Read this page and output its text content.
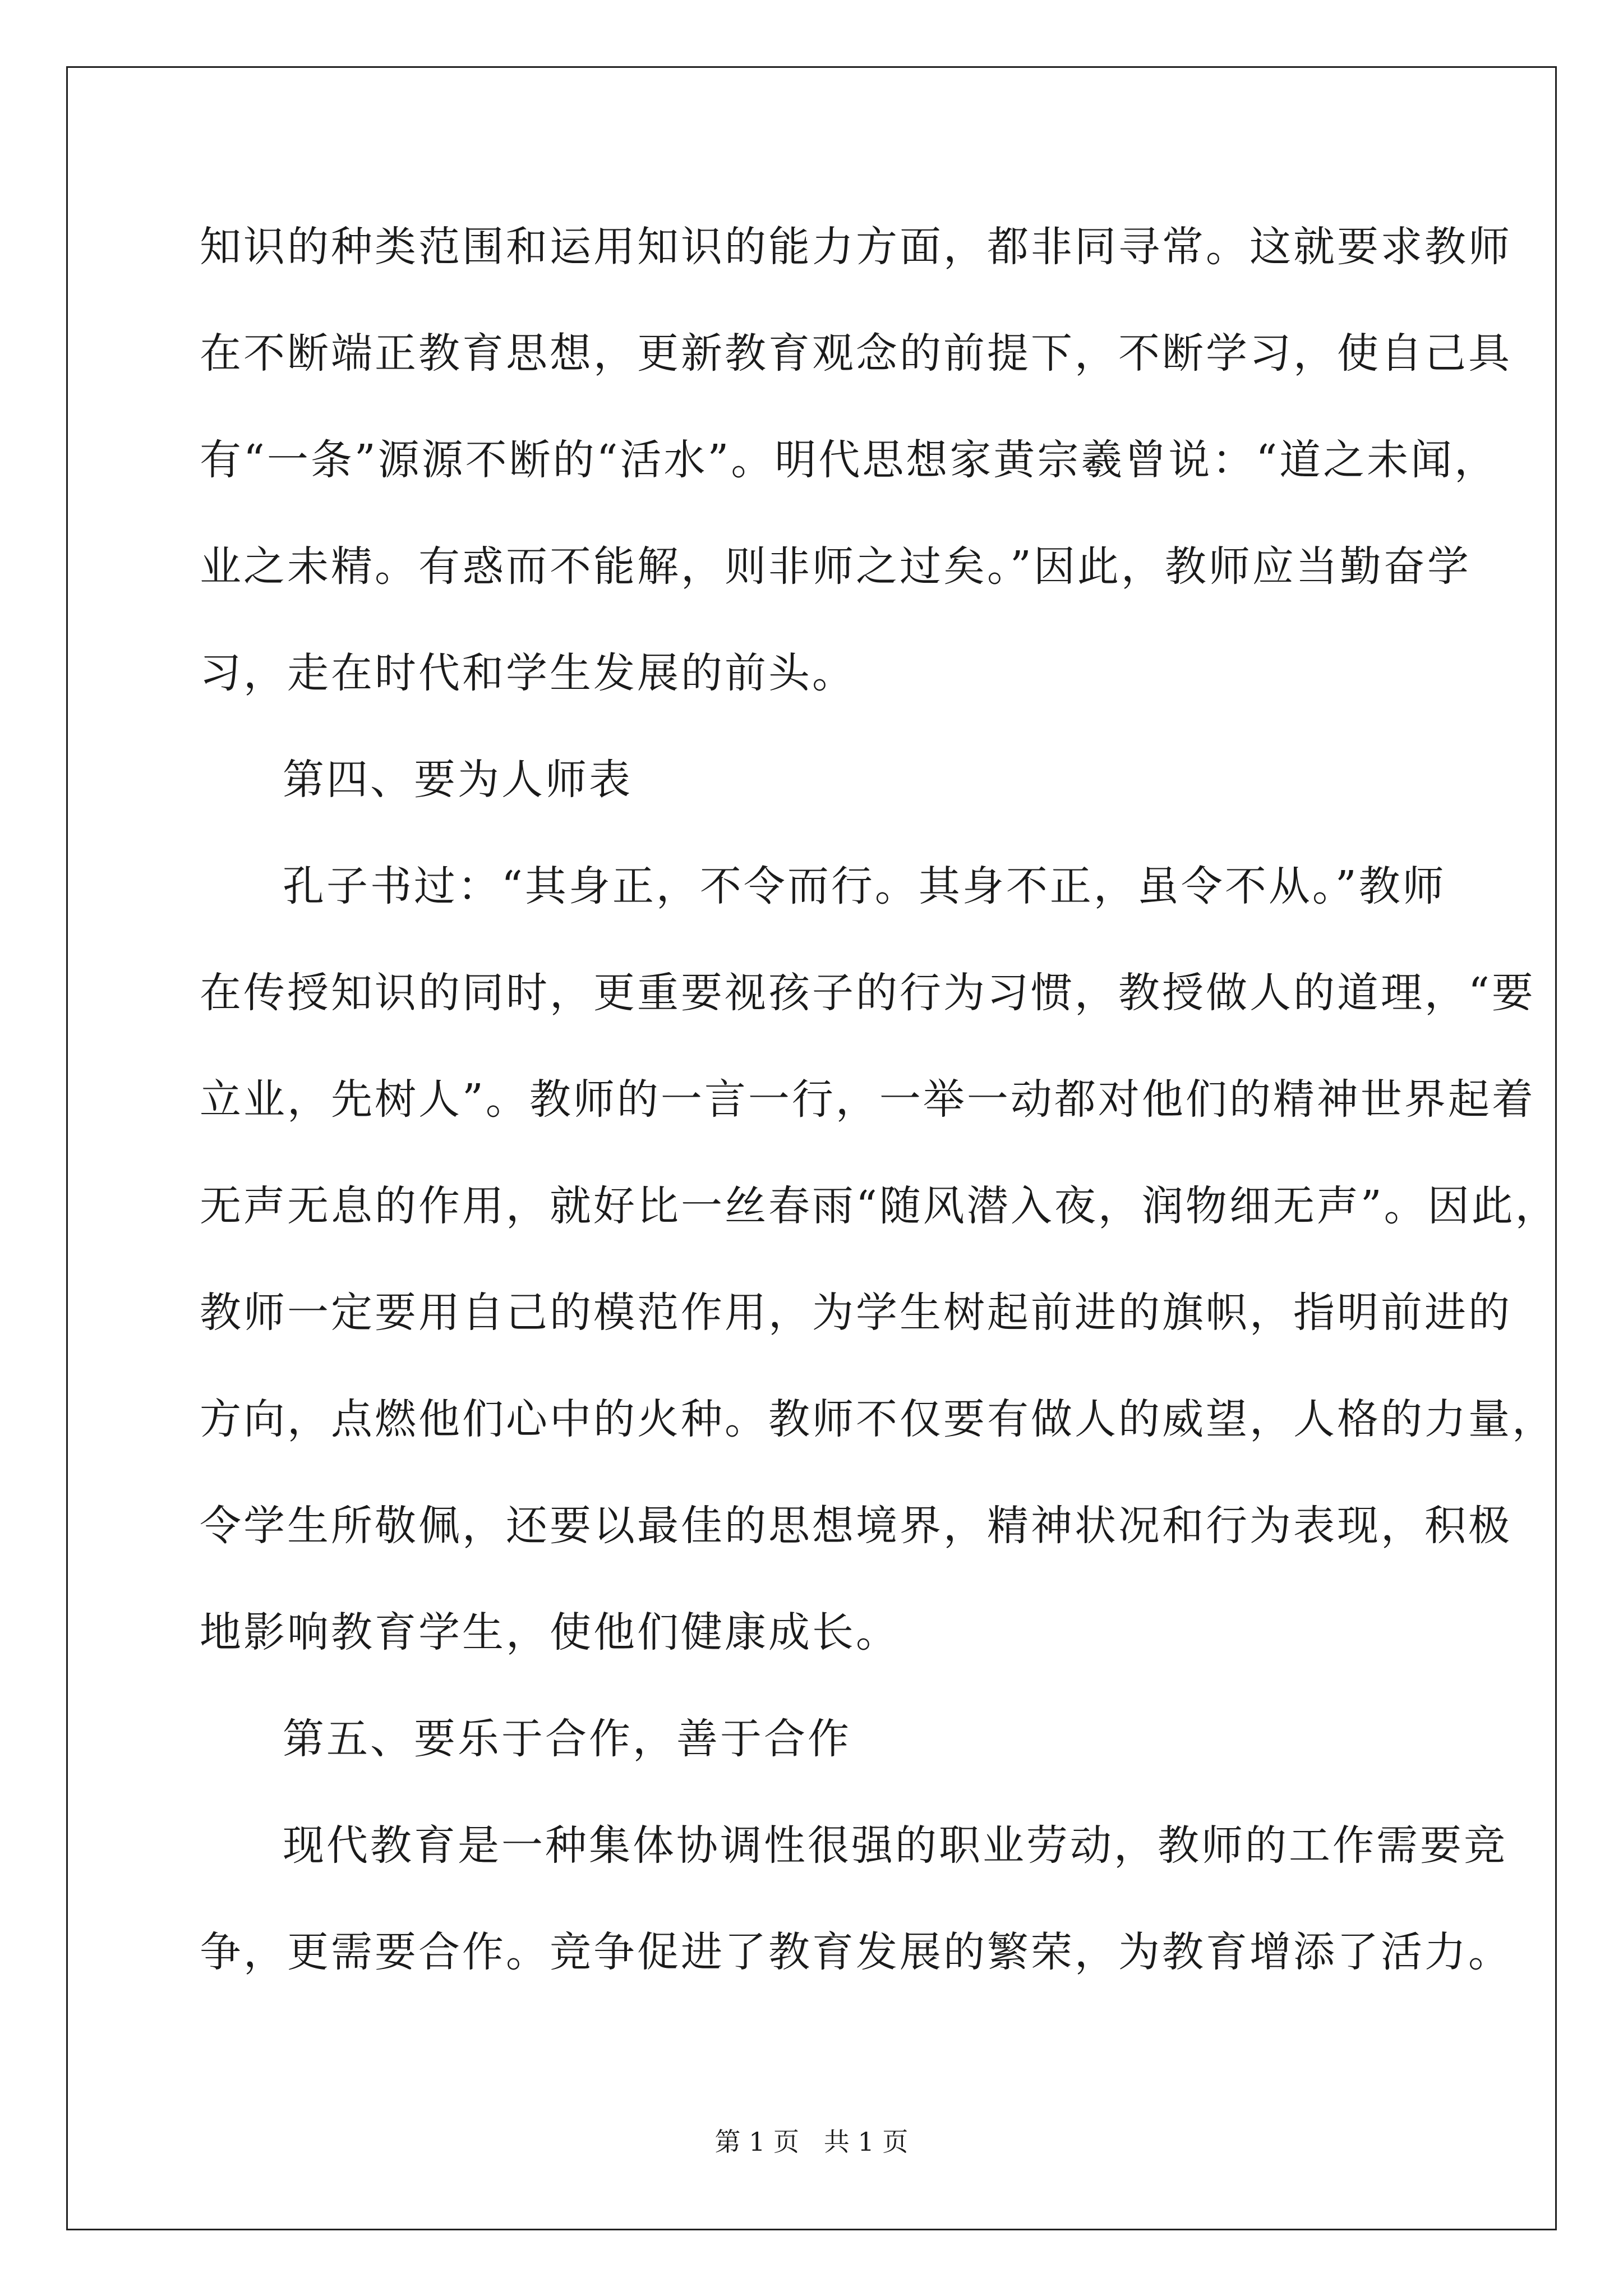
知识的种类范围和运用知识的能力方面，都非同寻常。这就要求教师
在不断端正教育思想，更新教育观念的前提下，不断学习，使自己具
有“一条”源源不断的“活水”。明代思想家黄宗羲曾说：“道之未闻，
业之未精。有惑而不能解，则非师之过矣。”因此，教师应当勤奋学
习，走在时代和学生发展的前头。
第四、要为人师表
孔子书过：“其身正，不令而行。其身不正，虽令不从。”教师
在传授知识的同时，更重要视孩子的行为习惯，教授做人的道理，“要
立业，先树人”。教师的一言一行，一举一动都对他们的精神世界起着
无声无息的作用，就好比一丝春雨“随风潜入夜，润物细无声”。因此，
教师一定要用自己的模范作用，为学生树起前进的旗帜，指明前进的
方向，点燃他们心中的火种。教师不仅要有做人的威望，人格的力量，
令学生所敬佩，还要以最佳的思想境界，精神状况和行为表现，积极
地影响教育学生，使他们健康成长。
第五、要乐于合作，善于合作
现代教育是一种集体协调性很强的职业劳动，教师的工作需要竞
争，更需要合作。竞争促进了教育发展的繁荣，为教育增添了活力。
第 1 页   共 1 页
